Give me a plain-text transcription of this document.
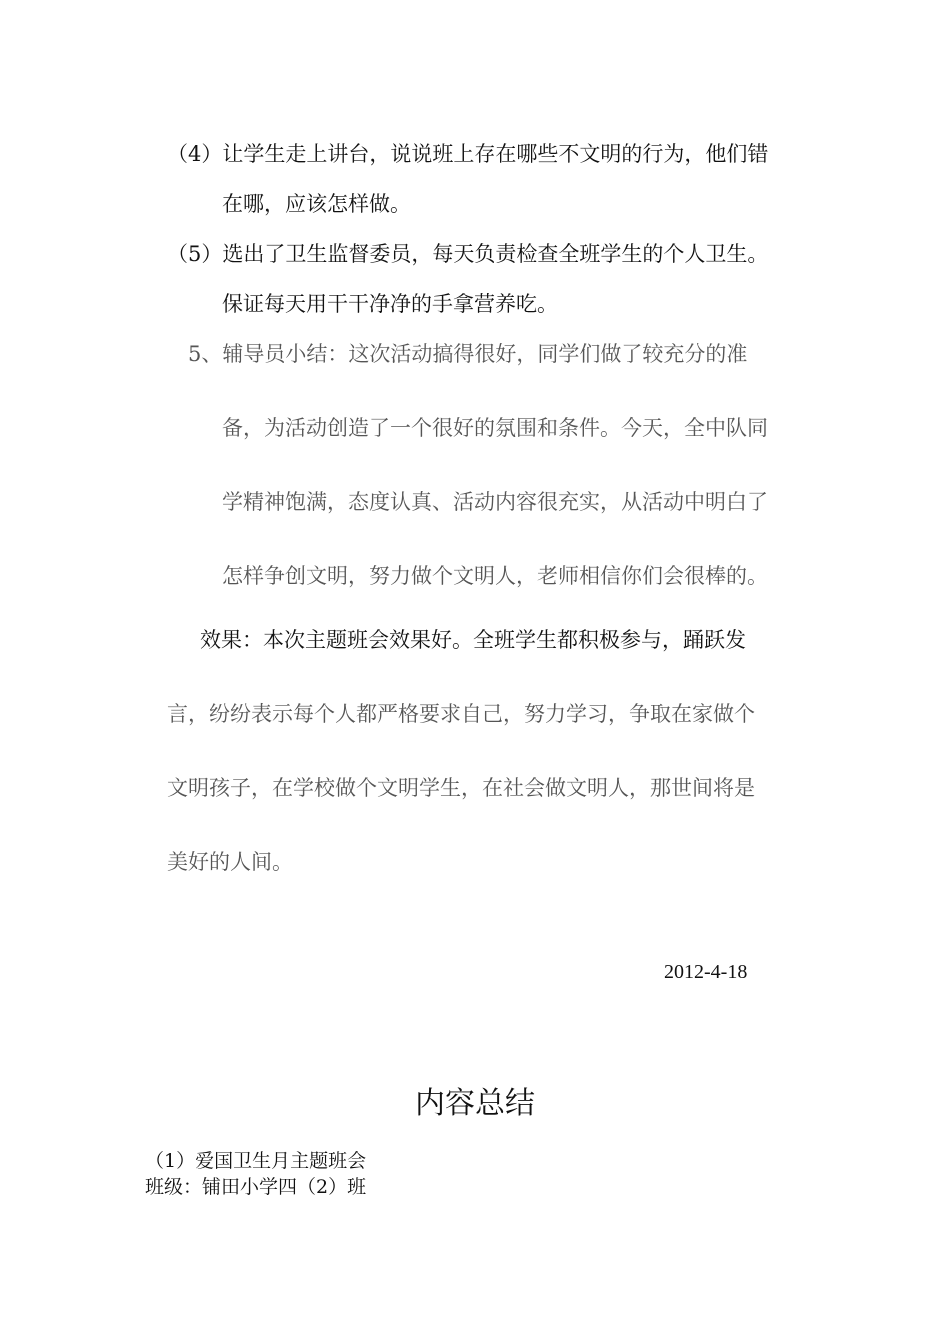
（4）让学生走上讲台，说说班上存在哪些不文明的行为，他们错
在哪，应该怎样做。
（5）选出了卫生监督委员，每天负责检查全班学生的个人卫生。
保证每天用干干净净的手拿营养吃。
5、辅导员小结：这次活动搞得很好，同学们做了较充分的准
备，为活动创造了一个很好的氛围和条件。今天，全中队同
学精神饱满，态度认真、活动内容很充实，从活动中明白了
怎样争创文明，努力做个文明人，老师相信你们会很棒的。
效果：本次主题班会效果好。全班学生都积极参与，踊跃发
言，纷纷表示每个人都严格要求自己，努力学习，争取在家做个
文明孩子，在学校做个文明学生，在社会做文明人，那世间将是
美好的人间。
2012-4-18
内容总结
（1）爱国卫生月主题班会
班级：铺田小学四（2）班
